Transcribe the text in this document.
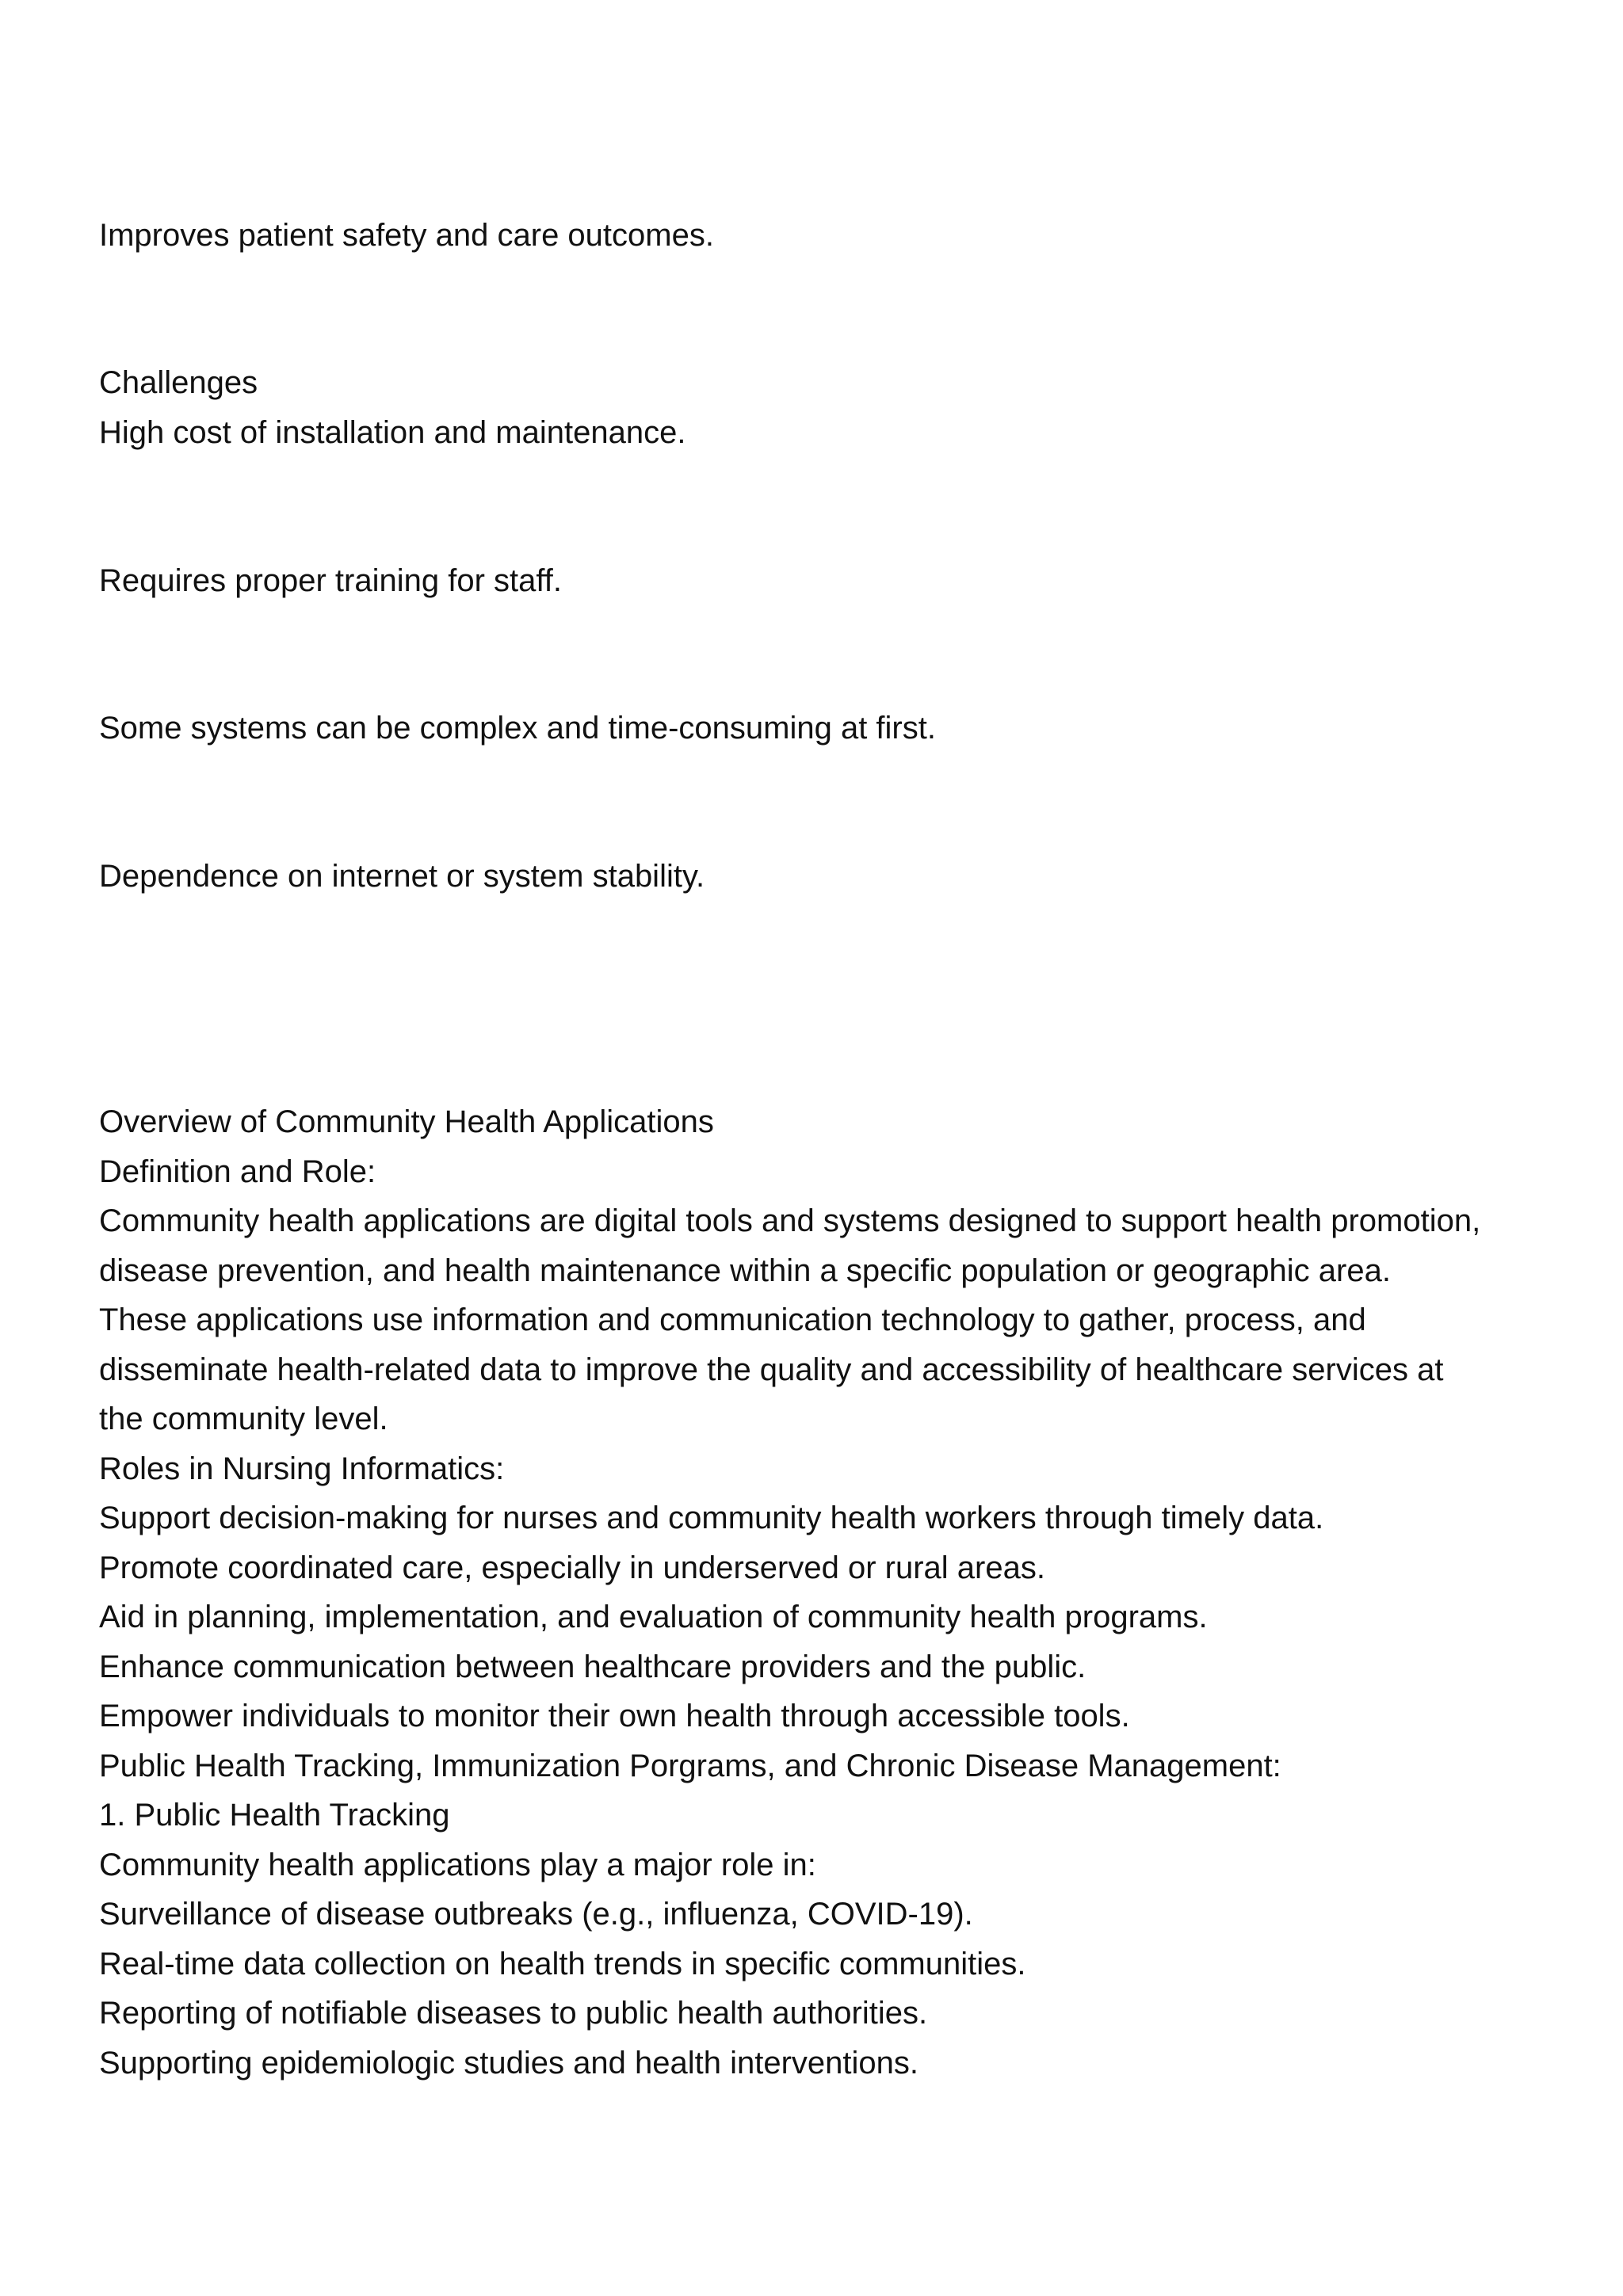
Improves patient safety and care outcomes.

Challenges

High cost of installation and maintenance.

Requires proper training for staff.

Some systems can be complex and time-consuming at first.

Dependence on internet or system stability.

Overview of Community Health Applications

Definition and Role:

Community health applications are digital tools and systems designed to support health promotion,

disease prevention, and health maintenance within a specific population or geographic area.

These applications use information and communication technology to gather, process, and

disseminate health-related data to improve the quality and accessibility of healthcare services at

the community level.

Roles in Nursing Informatics:

Support decision-making for nurses and community health workers through timely data.

Promote coordinated care, especially in underserved or rural areas.

Aid in planning, implementation, and evaluation of community health programs.

Enhance communication between healthcare providers and the public.

Empower individuals to monitor their own health through accessible tools.

Public Health Tracking, Immunization Porgrams, and Chronic Disease Management:

1. Public Health Tracking

Community health applications play a major role in:

Surveillance of disease outbreaks (e.g., influenza, COVID-19).

Real-time data collection on health trends in specific communities.

Reporting of notifiable diseases to public health authorities.

Supporting epidemiologic studies and health interventions.
